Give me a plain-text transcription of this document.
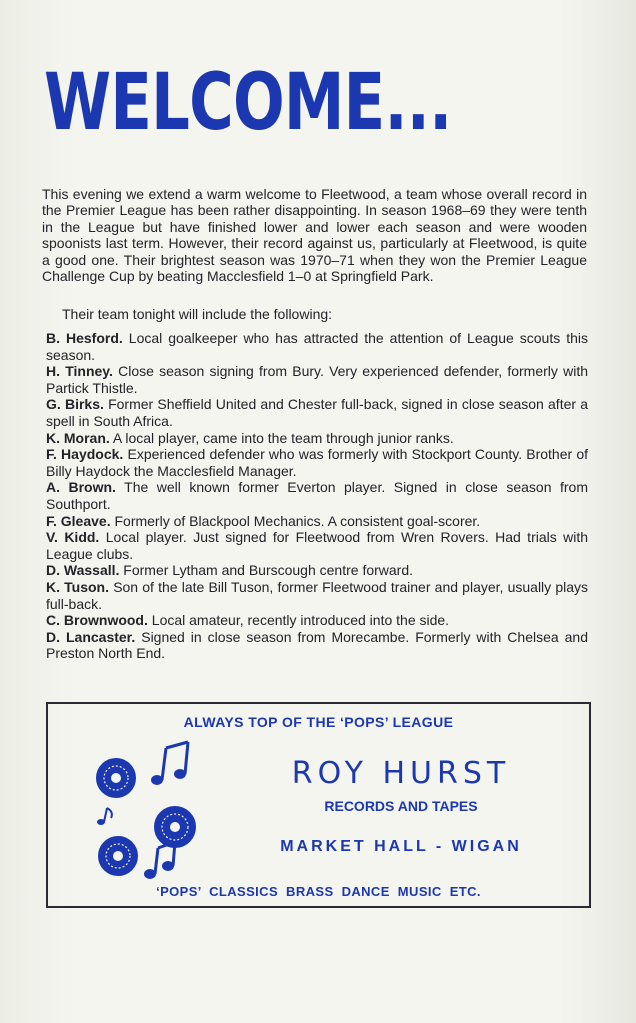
WELCOME...

This evening we extend a warm welcome to Fleetwood, a team whose overall record in the Premier League has been rather disappointing. In season 1968–69 they were tenth in the League but have finished lower and lower each season and were wooden spoonists last term. However, their record against us, particularly at Fleetwood, is quite a good one. Their brightest season was 1970–71 when they won the Premier League Challenge Cup by beating Macclesfield 1–0 at Springfield Park.

Their team tonight will include the following:

B. Hesford. Local goalkeeper who has attracted the attention of League scouts this season.
H. Tinney. Close season signing from Bury. Very experienced defender, formerly with Partick Thistle.
G. Birks. Former Sheffield United and Chester full-back, signed in close season after a spell in South Africa.
K. Moran. A local player, came into the team through junior ranks.
F. Haydock. Experienced defender who was formerly with Stockport County. Brother of Billy Haydock the Macclesfield Manager.
A. Brown. The well known former Everton player. Signed in close season from Southport.
F. Gleave. Formerly of Blackpool Mechanics. A consistent goal-scorer.
V. Kidd. Local player. Just signed for Fleetwood from Wren Rovers. Had trials with League clubs.
D. Wassall. Former Lytham and Burscough centre forward.
K. Tuson. Son of the late Bill Tuson, former Fleetwood trainer and player, usually plays full-back.
C. Brownwood. Local amateur, recently introduced into the side.
D. Lancaster. Signed in close season from Morecambe. Formerly with Chelsea and Preston North End.
ALWAYS TOP OF THE ‘POPS’ LEAGUE
ROY HURST
RECORDS AND TAPES
MARKET HALL - WIGAN
‘POPS’ CLASSICS BRASS DANCE MUSIC ETC.
